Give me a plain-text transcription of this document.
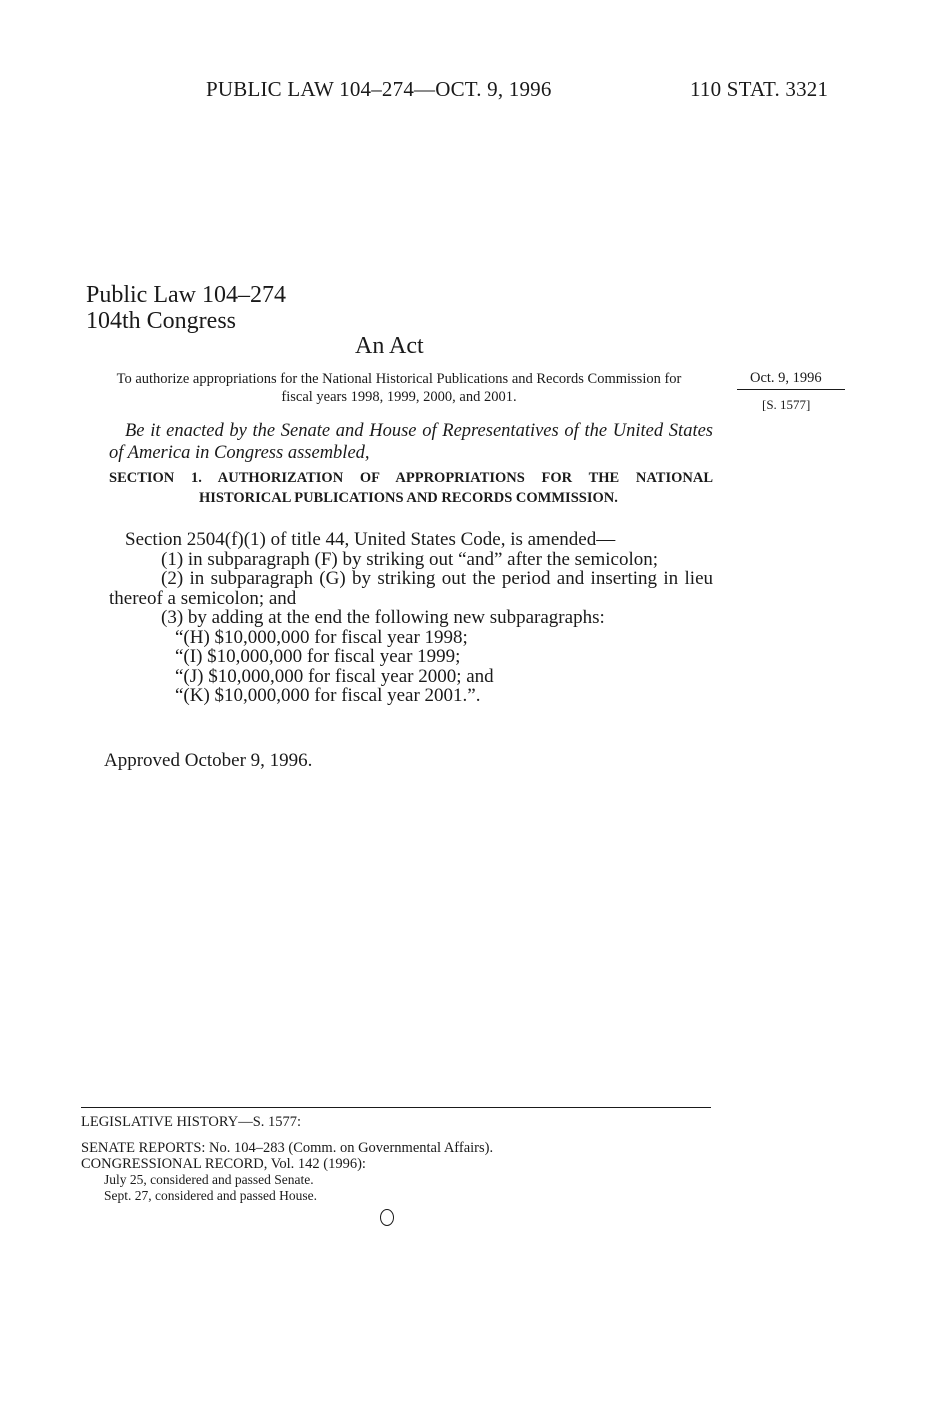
PUBLIC LAW 104–274—OCT. 9, 1996	110 STAT. 3321
Public Law 104–274
104th Congress
An Act
To authorize appropriations for the National Historical Publications and Records Commission for fiscal years 1998, 1999, 2000, and 2001.
Oct. 9, 1996
[S. 1577]
Be it enacted by the Senate and House of Representatives of the United States of America in Congress assembled,
SECTION 1. AUTHORIZATION OF APPROPRIATIONS FOR THE NATIONAL HISTORICAL PUBLICATIONS AND RECORDS COMMISSION.

Section 2504(f)(1) of title 44, United States Code, is amended—

(1) in subparagraph (F) by striking out “and” after the semicolon;

(2) in subparagraph (G) by striking out the period and inserting in lieu thereof a semicolon; and

(3) by adding at the end the following new subparagraphs:

“(H) $10,000,000 for fiscal year 1998;

“(I) $10,000,000 for fiscal year 1999;

“(J) $10,000,000 for fiscal year 2000; and

“(K) $10,000,000 for fiscal year 2001.”.

Approved October 9, 1996.
LEGISLATIVE HISTORY—S. 1577:
SENATE REPORTS: No. 104–283 (Comm. on Governmental Affairs).
CONGRESSIONAL RECORD, Vol. 142 (1996):
July 25, considered and passed Senate.
Sept. 27, considered and passed House.
